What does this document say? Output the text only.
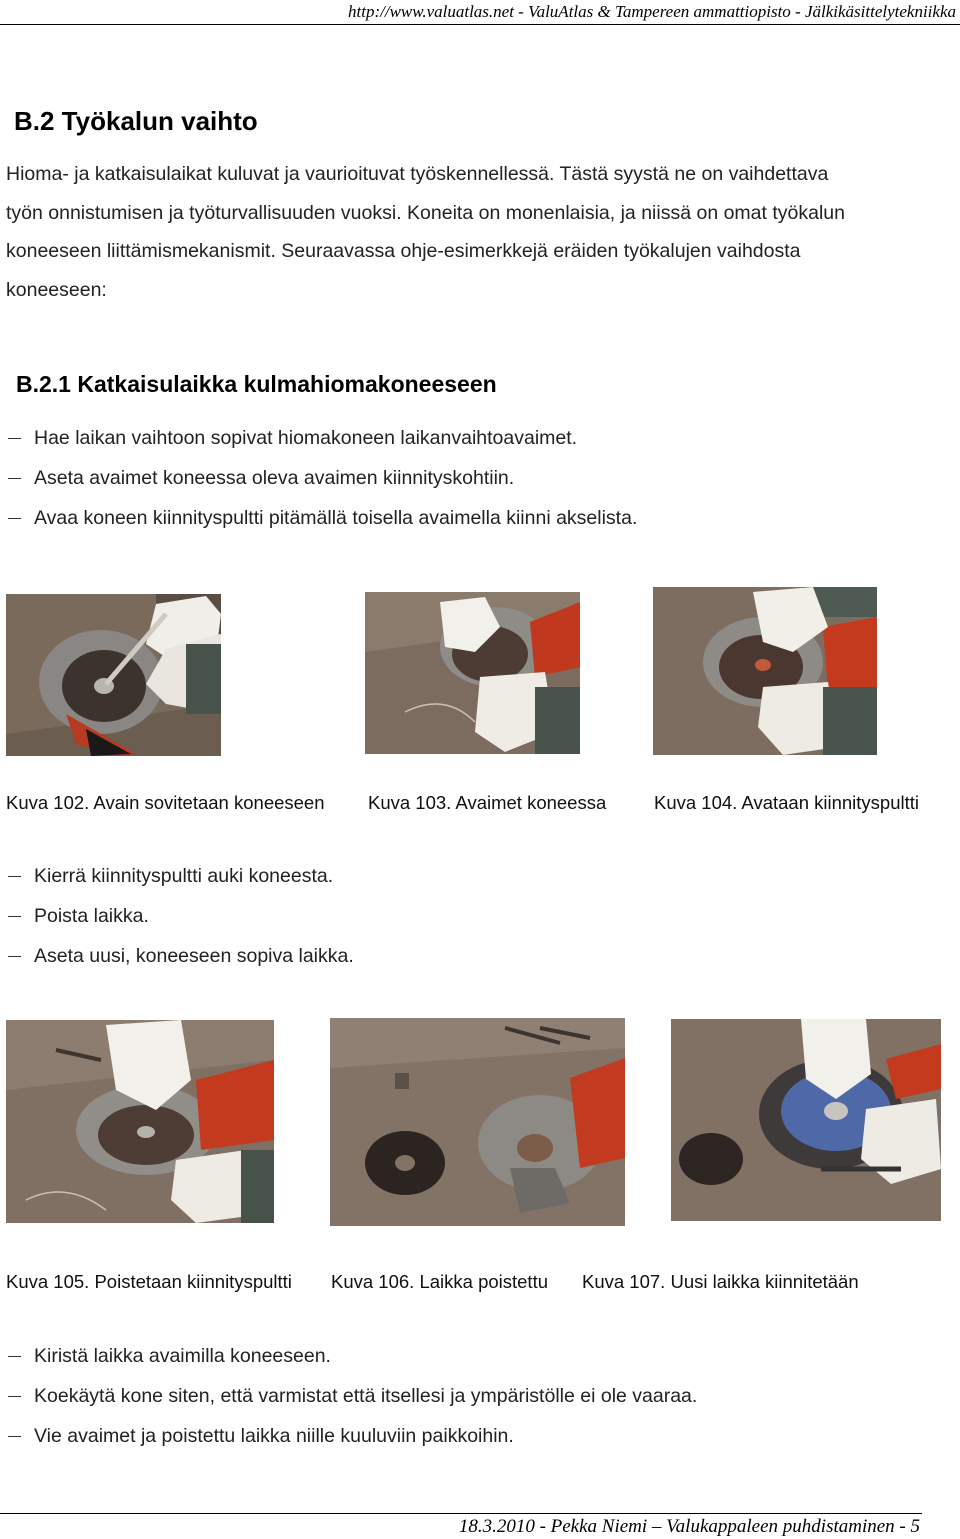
http://www.valuatlas.net - ValuAtlas & Tampereen ammattiopisto - Jälkikäsittelytekniikka
B.2 Työkalun vaihto

Hioma- ja katkaisulaikat kuluvat ja vaurioituvat työskennellessä. Tästä syystä ne on vaihdettava
työn onnistumisen ja työturvallisuuden vuoksi. Koneita on monenlaisia, ja niissä on omat työkalun
koneeseen liittämismekanismit. Seuraavassa ohje-esimerkkejä eräiden työkalujen vaihdosta
koneeseen:

B.2.1 Katkaisulaikka kulmahiomakoneeseen
Hae laikan vaihtoon sopivat hiomakoneen laikanvaihtoavaimet.
Aseta avaimet koneessa oleva avaimen kiinnityskohtiin.
Avaa koneen kiinnityspultti pitämällä toisella avaimella kiinni akselista.
Kuva 102. Avain sovitetaan koneeseen Kuva 103. Avaimet koneessa	Kuva 104. Avataan kiinnityspultti
Kierrä kiinnityspultti auki koneesta.
Poista laikka.
Aseta uusi, koneeseen sopiva laikka.
Kuva 105. Poistetaan kiinnityspultti Kuva 106. Laikka poistettu Kuva 107. Uusi laikka kiinnitetään
Kiristä laikka avaimilla koneeseen.
Koekäytä kone siten, että varmistat että itsellesi ja ympäristölle ei ole vaaraa.
Vie avaimet ja poistettu laikka niille kuuluviin paikkoihin.
18.3.2010 - Pekka Niemi – Valukappaleen puhdistaminen - 5
